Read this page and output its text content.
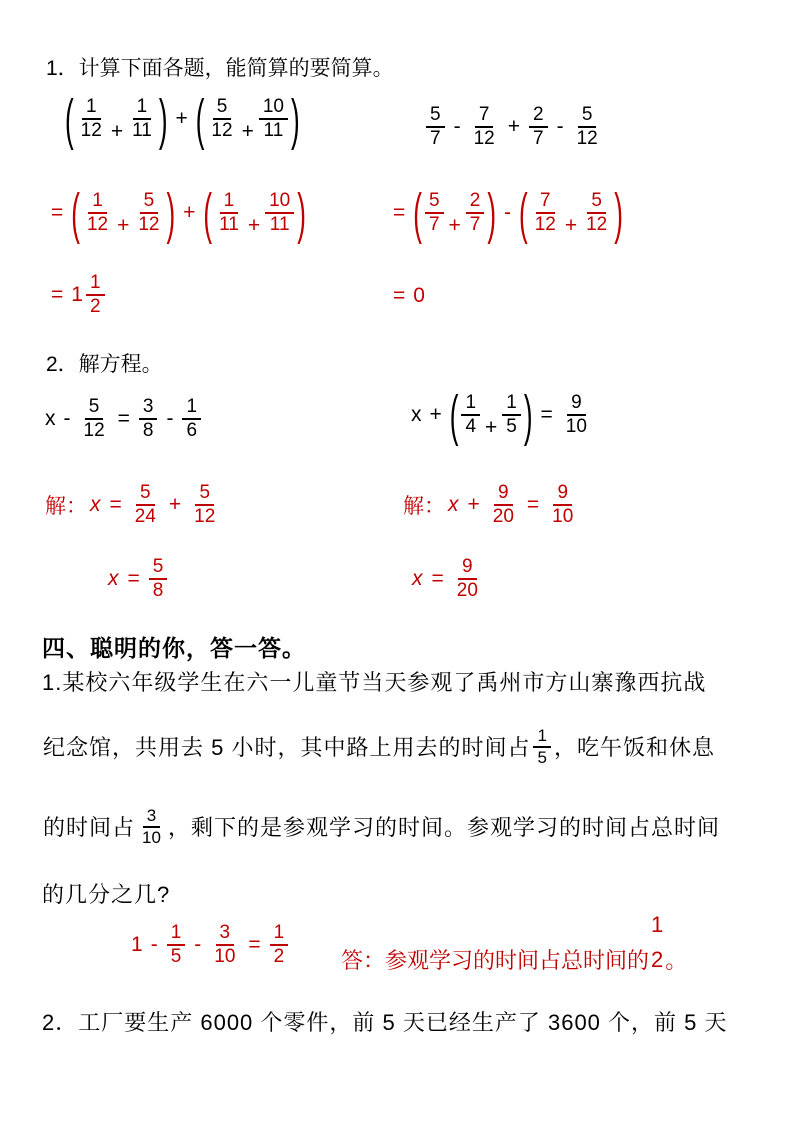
1．计算下面各题，能简算的要简算。
( $\frac{1}{12} + \frac{1}{11}$ ) + ( $\frac{5}{12} + \frac{10}{11}$ )	$\frac{5}{7} - \frac{7}{12} + \frac{2}{7} - \frac{5}{12}$
= ( $\frac{1}{12} + \frac{5}{12}$ ) + ( $\frac{1}{11} + \frac{10}{11}$ )	= ( $\frac{5}{7} + \frac{2}{7}$ ) - ( $\frac{7}{12} + \frac{5}{12}$ )
= $1 \frac{1}{2}$	= 0
2．解方程。
$x - \frac{5}{12} = \frac{3}{8} - \frac{1}{6}$	x + ( $\frac{1}{4} + \frac{1}{5}$ ) = $\frac{9}{10}$
解： $x = \frac{5}{24} + \frac{5}{12}$	解： $x + \frac{9}{20} = \frac{9}{10}$
$x = \frac{5}{8}$	$x = \frac{9}{20}$
四、聪明的你，答一答。
1.某校六年级学生在六一儿童节当天参观了禹州市方山寨豫西抗战
纪念馆，共用去 5 小时，其中路上用去的时间占 $\frac{1}{5}$ ，吃午饭和休息
的时间占 $\frac{3}{10}$ ，剩下的是参观学习的时间。参观学习的时间占总时间
的几分之几?
$1 - \frac{1}{5} - \frac{3}{10} = \frac{1}{2}$ 答：参观学习的时间占总时间的
1
2 。
2．工厂要生产 6000 个零件，前 5 天已经生产了 3600 个，前 5 天
